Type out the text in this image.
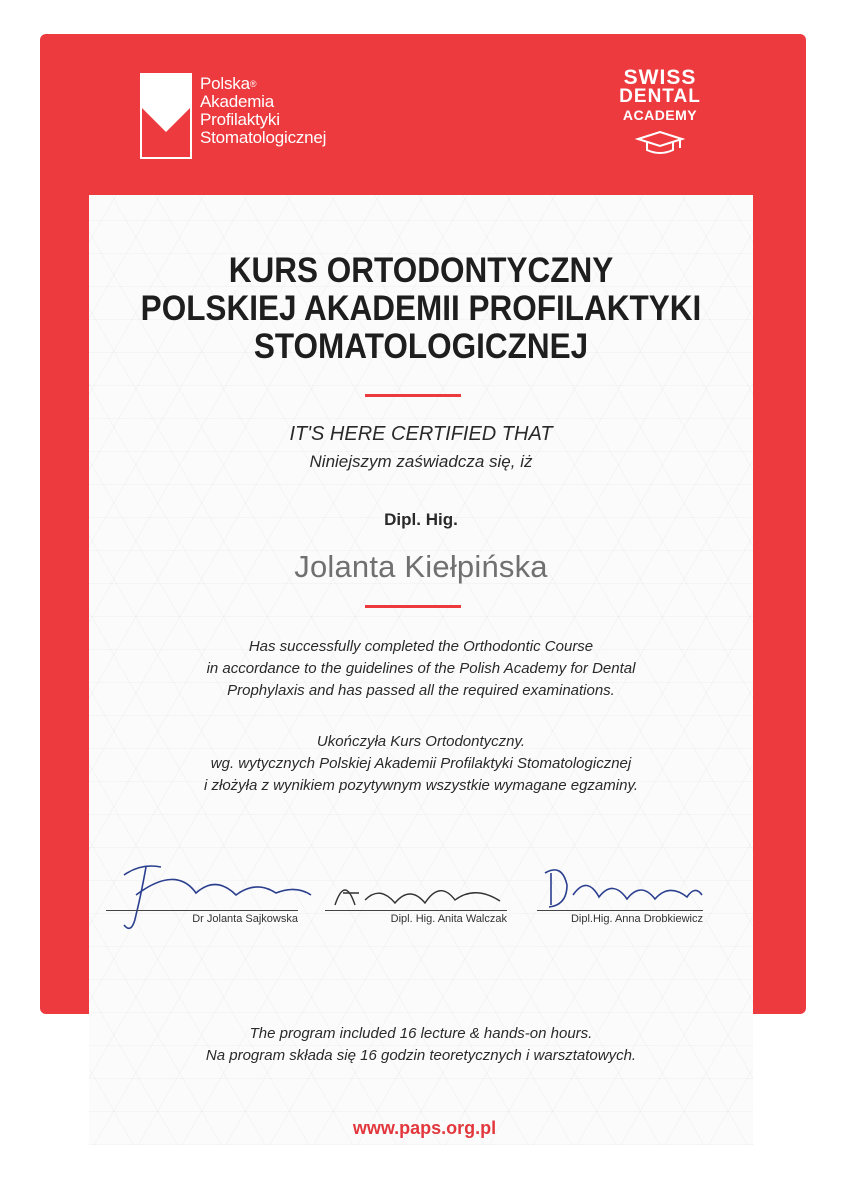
Polska®
Akademia
Profilaktyki
Stomatologicznej
SWISS
DENTAL
ACADEMY
KURS ORTODONTYCZNY
POLSKIEJ AKADEMII PROFILAKTYKI
STOMATOLOGICZNEJ
IT'S HERE CERTIFIED THAT
Niniejszym zaświadcza się, iż
Dipl. Hig.
Jolanta Kiełpińska
Has successfully completed the Orthodontic Course
in accordance to the guidelines of the Polish Academy for Dental
Prophylaxis and has passed all the required examinations.
Ukończyła Kurs Ortodontyczny.
wg. wytycznych Polskiej Akademii Profilaktyki Stomatologicznej
i złożyła z wynikiem pozytywnym wszystkie wymagane egzaminy.
Dr Jolanta Sajkowska	Dipl. Hig. Anita Walczak	Dipl.Hig. Anna Drobkiewicz
The program included 16 lecture & hands-on hours.
Na program składa się 16 godzin teoretycznych i warsztatowych.
www.paps.org.pl
